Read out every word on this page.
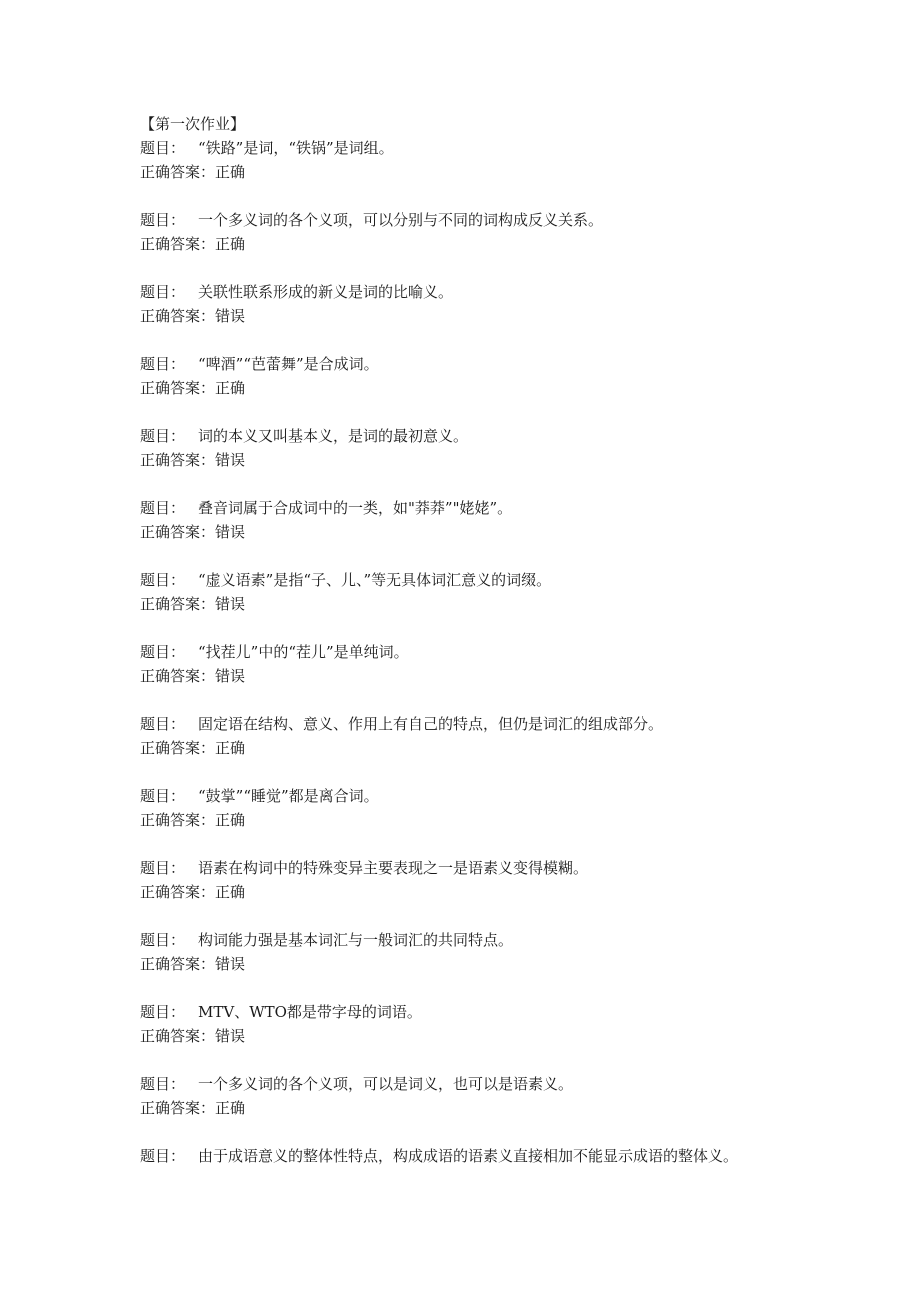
【第一次作业】
题目： “铁路”是词，“铁锅”是词组。
正确答案：正确
题目： 一个多义词的各个义项，可以分别与不同的词构成反义关系。
正确答案：正确
题目： 关联性联系形成的新义是词的比喻义。
正确答案：错误
题目： “啤酒”“芭蕾舞”是合成词。
正确答案：正确
题目： 词的本义又叫基本义，是词的最初意义。
正确答案：错误
题目： 叠音词属于合成词中的一类，如"莽莽”"姥姥”。
正确答案：错误
题目： “虚义语素”是指“子、儿、”等无具体词汇意义的词缀。
正确答案：错误
题目： “找茬儿”中的“茬儿”是单纯词。
正确答案：错误
题目： 固定语在结构、意义、作用上有自己的特点，但仍是词汇的组成部分。
正确答案：正确
题目： “鼓掌”“睡觉”都是离合词。
正确答案：正确
题目： 语素在构词中的特殊变异主要表现之一是语素义变得模糊。
正确答案：正确
题目： 构词能力强是基本词汇与一般词汇的共同特点。
正确答案：错误
题目： MTV、WTO都是带字母的词语。
正确答案：错误
题目： 一个多义词的各个义项，可以是词义，也可以是语素义。
正确答案：正确
题目： 由于成语意义的整体性特点，构成成语的语素义直接相加不能显示成语的整体义。
